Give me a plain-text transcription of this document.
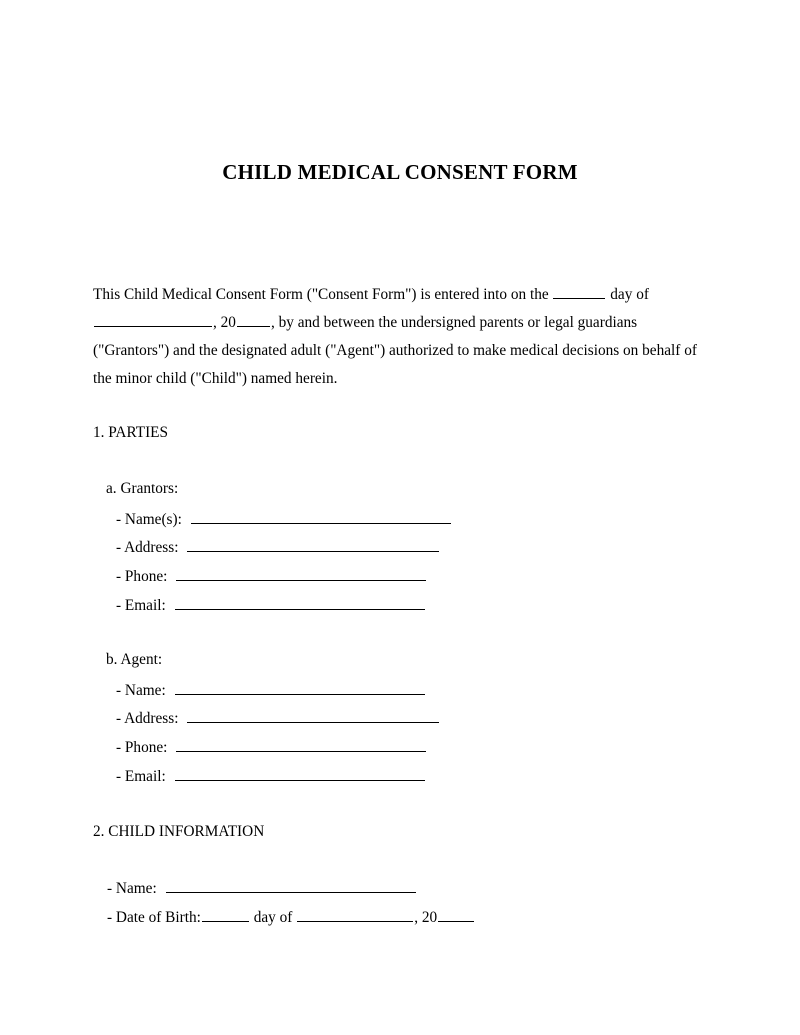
CHILD MEDICAL CONSENT FORM

This Child Medical Consent Form ("Consent Form") is entered into on the	day of , 20 , by and between the undersigned parents or legal guardians ("Grantors") and the designated adult ("Agent") authorized to make medical decisions on behalf of the minor child ("Child") named herein.

1. PARTIES
a. Grantors:
- Name(s):
- Address:
- Phone:
- Email:
b. Agent:
- Name:
- Address:
- Phone:
- Email:
2. CHILD INFORMATION
- Name:
- Date of Birth:	day of	, 20
